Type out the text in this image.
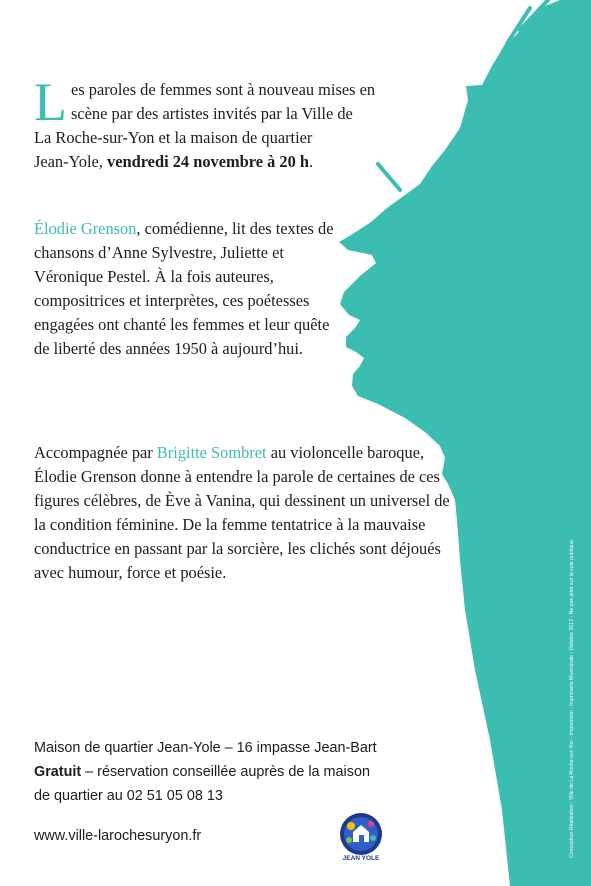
L es paroles de femmes sont à nouveau mises en
scène par des artistes invités par la Ville de
La Roche-sur-Yon et la maison de quartier
Jean-Yole, vendredi 24 novembre à 20 h.

Élodie Grenson, comédienne, lit des textes de chansons d’Anne Sylvestre, Juliette et Véronique Pestel. À la fois auteures, compositrices et interprètes, ces poétesses engagées ont chanté les femmes et leur quête de liberté des années 1950 à aujourd’hui.

Accompagnée par Brigitte Sombret au violoncelle baroque, Élodie Grenson donne à entendre la parole de certaines de ces figures célèbres, de Ève à Vanina, qui dessinent un universel de la condition féminine. De la femme tentatrice à la mauvaise conductrice en passant par la sorcière, les clichés sont déjoués avec humour, force et poésie.

Maison de quartier Jean-Yole – 16 impasse Jean-Bart
Gratuit – réservation conseillée auprès de la maison
de quartier au 02 51 05 08 13
www.ville-larochesuryon.fr
JEAN YOLE
Conception-Réalisation : Ville de La Roche-sur-Yon - Impression : Imprimerie Municipale - Octobre 2017 - Ne pas jeter sur la voie publique.
